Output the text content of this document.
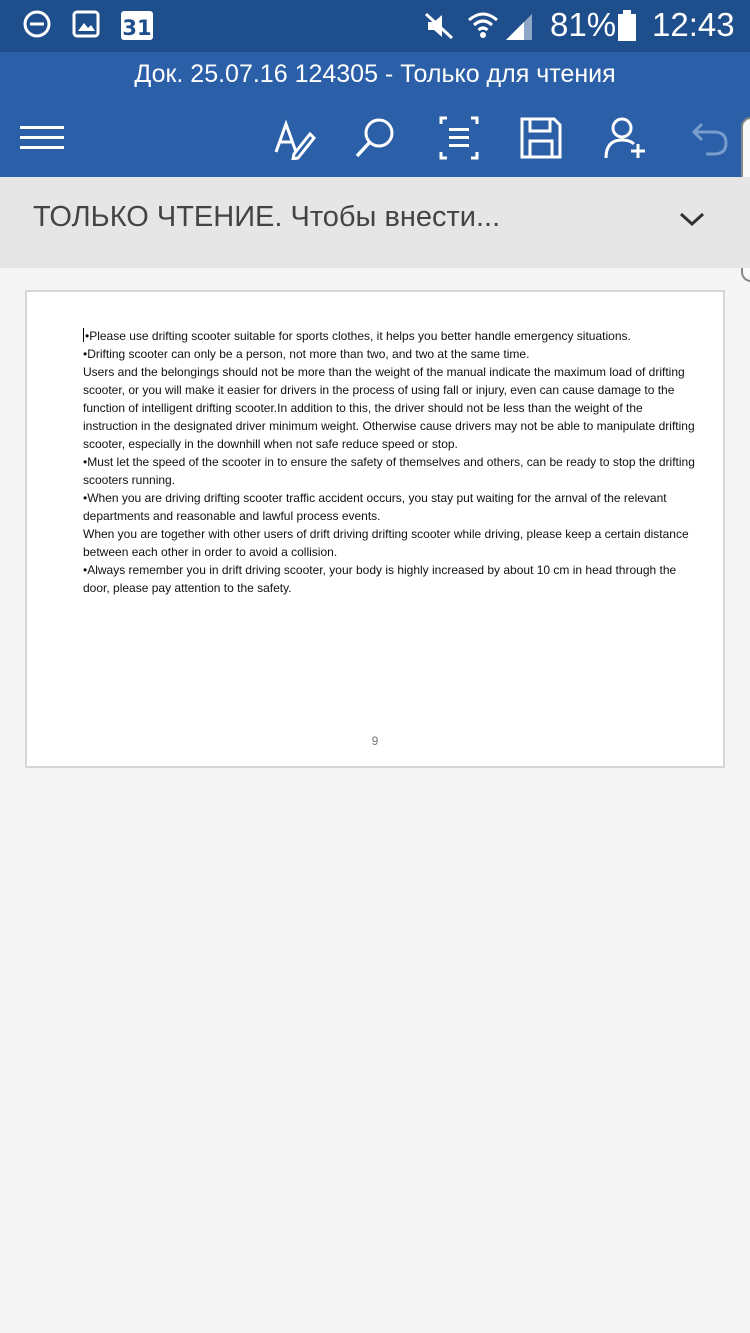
31	81% 12:43
Док. 25.07.16 124305 - Только для чтения
ТОЛЬКО ЧТЕНИЕ. Чтобы внести...

•Please use drifting scooter suitable for sports clothes, it helps you better handle emergency situations.

•Drifting scooter can only be a person, not more than two, and two at the same time.

Users and the belongings should not be more than the weight of the manual indicate the maximum load of drifting scooter, or you will make it easier for drivers in the process of using fall or injury, even can cause damage to the function of intelligent drifting scooter.In addition to this, the driver should not be less than the weight of the instruction in the designated driver minimum weight. Otherwise cause drivers may not be able to manipulate drifting scooter, especially in the downhill when not safe reduce speed or stop.

•Must let the speed of the scooter in to ensure the safety of themselves and others, can be ready to stop the drifting scooters running.

•When you are driving drifting scooter traffic accident occurs, you stay put waiting for the arnval of the relevant departments and reasonable and lawful process events.

When you are together with other users of drift driving drifting scooter while driving, please keep a certain distance between each other in order to avoid a collision.

•Always remember you in drift driving scooter, your body is highly increased by about 10 cm in head through the door, please pay attention to the safety.

9
